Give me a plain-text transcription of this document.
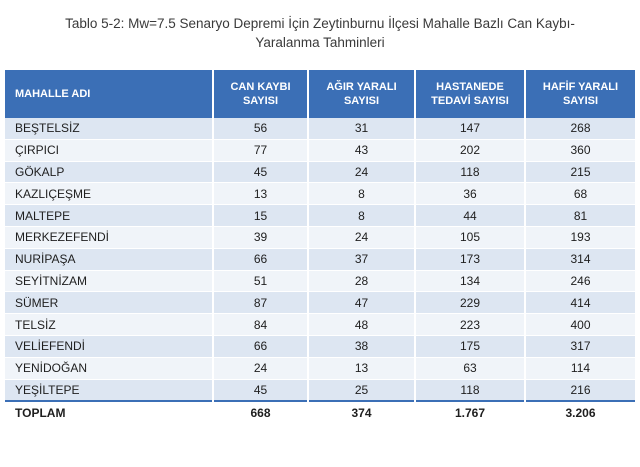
Tablo 5-2: Mw=7.5 Senaryo Depremi İçin Zeytinburnu İlçesi Mahalle Bazlı Can Kaybı-
Yaralanma Tahminleri
MAHALLE ADI	CAN KAYBI SAYISI	AĞIR YARALI SAYISI	HASTANEDE TEDAVİ SAYISI	HAFİF YARALI SAYISI
BEŞTELSİZ	56	31	147	268
ÇIRPICI	77	43	202	360
GÖKALP	45	24	118	215
KAZLIÇEŞME	13	8	36	68
MALTEPE	15	8	44	81
MERKEZEFENDİ	39	24	105	193
NURİPAŞA	66	37	173	314
SEYİTNİZAM	51	28	134	246
SÜMER	87	47	229	414
TELSİZ	84	48	223	400
VELİEFENDİ	66	38	175	317
YENİDOĞAN	24	13	63	114
YEŞİLTEPE	45	25	118	216
TOPLAM	668	374	1.767	3.206
